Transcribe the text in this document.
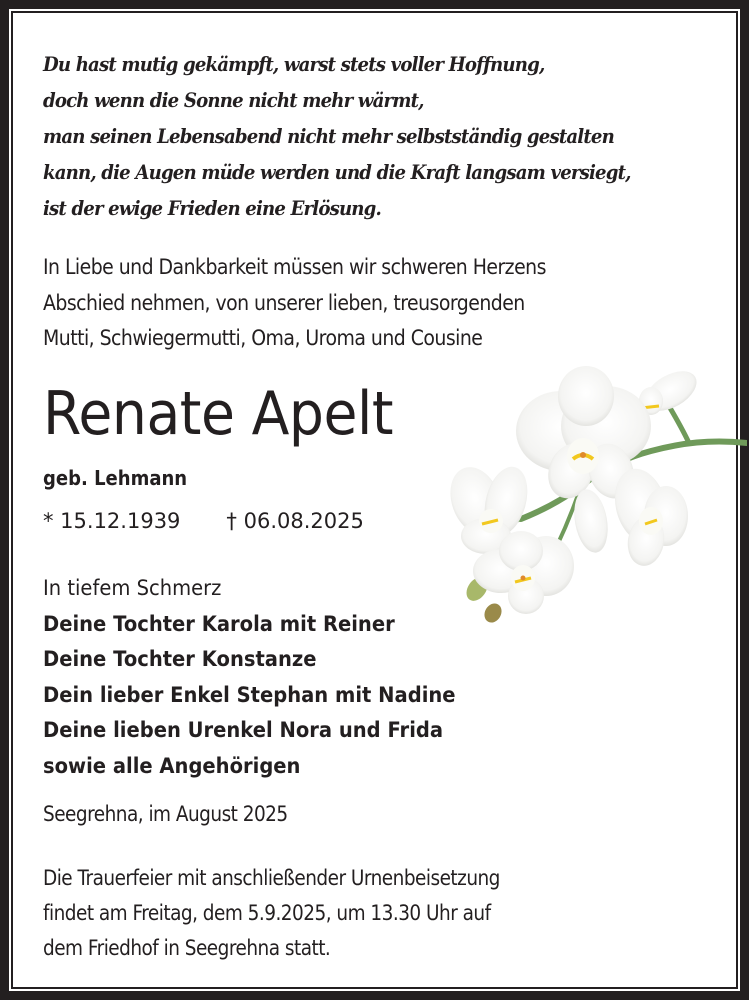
Du hast mutig gekämpft, warst stets voller Hoffnung,
doch wenn die Sonne nicht mehr wärmt,
man seinen Lebensabend nicht mehr selbstständig gestalten
kann, die Augen müde werden und die Kraft langsam versiegt,
ist der ewige Frieden eine Erlösung.
In Liebe und Dankbarkeit müssen wir schweren Herzens
Abschied nehmen, von unserer lieben, treusorgenden
Mutti, Schwiegermutti, Oma, Uroma und Cousine
Renate Apelt
geb. Lehmann
* 15.12.1939 † 06.08.2025
In tiefem Schmerz
Deine Tochter Karola mit Reiner
Deine Tochter Konstanze
Dein lieber Enkel Stephan mit Nadine
Deine lieben Urenkel Nora und Frida
sowie alle Angehörigen
Seegrehna, im August 2025
Die Trauerfeier mit anschließender Urnenbeisetzung
findet am Freitag, dem 5.9.2025, um 13.30 Uhr auf
dem Friedhof in Seegrehna statt.
